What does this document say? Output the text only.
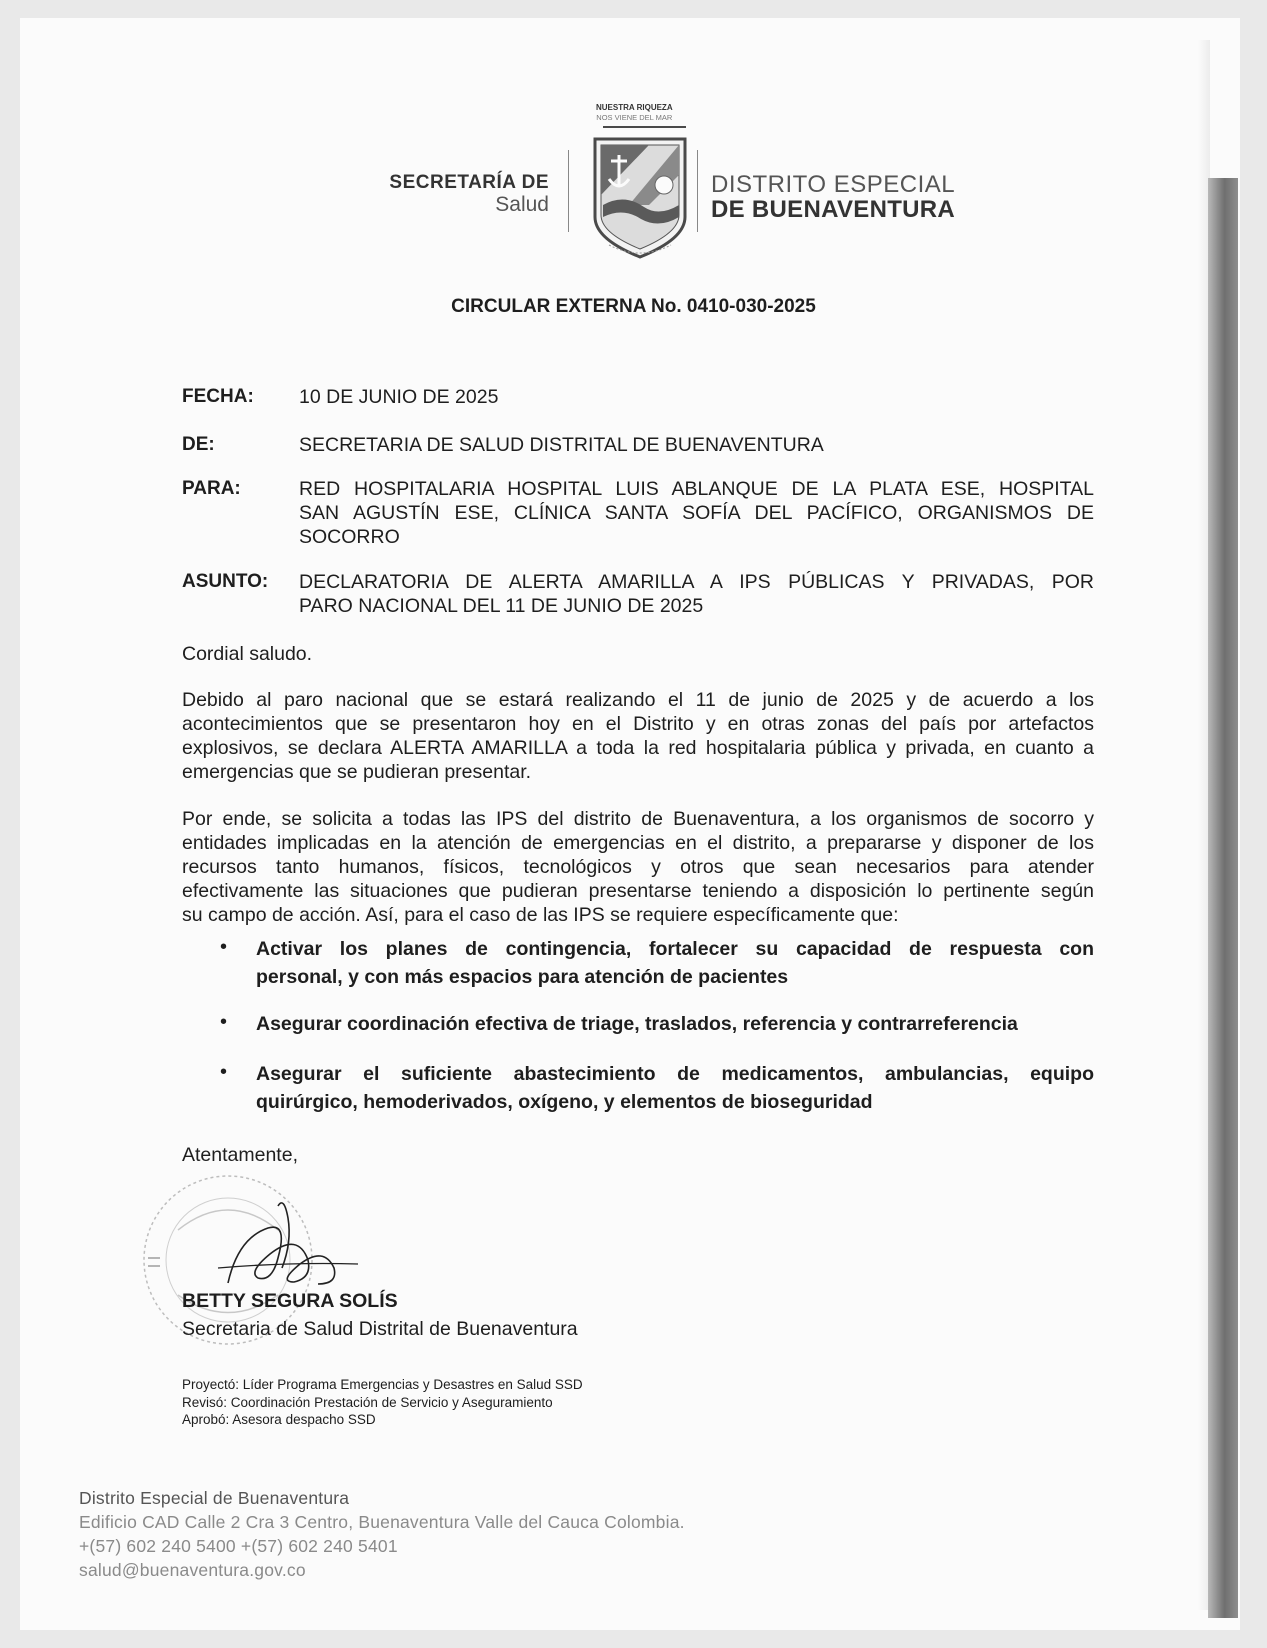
NUESTRA RIQUEZA
NOS VIENE DEL MAR
SECRETARÍA DE
Salud
DISTRITO ESPECIAL
DE BUENAVENTURA
CIRCULAR EXTERNA No. 0410-030-2025
FECHA: 10 DE JUNIO DE 2025
DE:	SECRETARIA DE SALUD DISTRITAL DE BUENAVENTURA
PARA:	RED HOSPITALARIA HOSPITAL LUIS ABLANQUE DE LA PLATA ESE, HOSPITAL
SAN AGUSTÍN ESE, CLÍNICA SANTA SOFÍA DEL PACÍFICO, ORGANISMOS DE
SOCORRO
ASUNTO: DECLARATORIA DE ALERTA AMARILLA A IPS PÚBLICAS Y PRIVADAS, POR
PARO NACIONAL DEL 11 DE JUNIO DE 2025
Cordial saludo.
Debido al paro nacional que se estará realizando el 11 de junio de 2025 y de acuerdo a los
acontecimientos que se presentaron hoy en el Distrito y en otras zonas del país por artefactos
explosivos, se declara ALERTA AMARILLA a toda la red hospitalaria pública y privada, en cuanto a
emergencias que se pudieran presentar.
Por ende, se solicita a todas las IPS del distrito de Buenaventura, a los organismos de socorro y
entidades implicadas en la atención de emergencias en el distrito, a prepararse y disponer de los
recursos tanto humanos, físicos, tecnológicos y otros que sean necesarios para atender
efectivamente las situaciones que pudieran presentarse teniendo a disposición lo pertinente según
su campo de acción. Así, para el caso de las IPS se requiere específicamente que:
• Activar los planes de contingencia, fortalecer su capacidad de respuesta con
personal, y con más espacios para atención de pacientes
• Asegurar coordinación efectiva de triage, traslados, referencia y contrarreferencia
• Asegurar el suficiente abastecimiento de medicamentos, ambulancias, equipo
quirúrgico, hemoderivados, oxígeno, y elementos de bioseguridad
Atentamente,
BETTY SEGURA SOLÍS
Secretaria de Salud Distrital de Buenaventura
Proyectó: Líder Programa Emergencias y Desastres en Salud SSD
Revisó: Coordinación Prestación de Servicio y Aseguramiento
Aprobó: Asesora despacho SSD
Distrito Especial de Buenaventura
Edificio CAD Calle 2 Cra 3 Centro, Buenaventura Valle del Cauca Colombia.
+(57) 602 240 5400 +(57) 602 240 5401
salud@buenaventura.gov.co
